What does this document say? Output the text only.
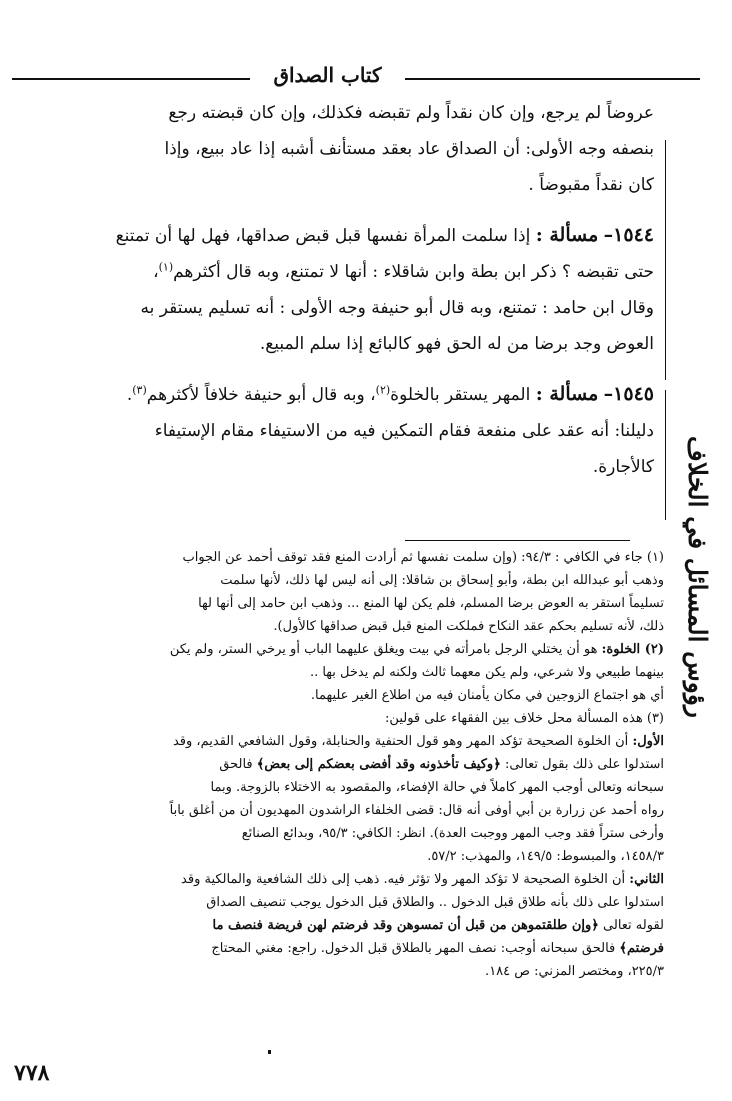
كتاب الصداق
رؤوس المسائل في الخلاف

عروضاً لم يرجع، وإن كان نقداً ولم تقبضه فكذلك، وإن كان قبضته رجع

بنصفه وجه الأولى: أن الصداق عاد بعقد مستأنف أشبه إذا عاد ببيع، وإذا

كان نقداً مقبوضاً .

١٥٤٤– مسألة : إذا سلمت المرأة نفسها قبل قبض صداقها، فهل لها أن تمتنع

حتى تقبضه ؟ ذكر ابن بطة وابن شاقلاء : أنها لا تمتنع، وبه قال أكثرهم$^{(١)}$،

وقال ابن حامد : تمتنع، وبه قال أبو حنيفة وجه الأولى : أنه تسليم يستقر به

العوض وجد برضا من له الحق فهو كالبائع إذا سلم المبيع.

١٥٤٥– مسألة : المهر يستقر بالخلوة$^{(٢)}$، وبه قال أبو حنيفة خلافاً لأكثرهم$^{(٣)}$.

دليلنا: أنه عقد على منفعة فقام التمكين فيه من الاستيفاء مقام الإستيفاء

كالأجارة.

(١) جاء في الكافي : ٩٤/٣: (وإن سلمت نفسها ثم أرادت المنع فقد توقف أحمد عن الجواب

وذهب أبو عبدالله ابن بطة، وأبو إسحاق بن شاقلا: إلى أنه ليس لها ذلك، لأنها سلمت

تسليماً استقر به العوض برضا المسلم، فلم يكن لها المنع ... وذهب ابن حامد إلى أنها لها

ذلك، لأنه تسليم بحكم عقد النكاح فملكت المنع قبل قبض صداقها كالأول).

(٢) الخلوة: هو أن يختلي الرجل بامرأته في بيت ويغلق عليهما الباب أو يرخي الستر، ولم يكن

بينهما طبيعي ولا شرعي، ولم يكن معهما ثالث ولكنه لم يدخل بها ..

أي هو اجتماع الزوجين في مكان يأمنان فيه من اطلاع الغير عليهما.

(٣) هذه المسألة محل خلاف بين الفقهاء على قولين:

الأول: أن الخلوة الصحيحة تؤكد المهر وهو قول الحنفية والحنابلة، وقول الشافعي القديم، وقد

استدلوا على ذلك بقول تعالى: ﴿وكيف تأخذونه وقد أفضى بعضكم إلى بعض﴾ فالحق

سبحانه وتعالى أوجب المهر كاملاً في حالة الإفضاء، والمقصود به الاختلاء بالزوجة. وبما

رواه أحمد عن زرارة بن أبي أوفى أنه قال: قضى الخلفاء الراشدون المهديون أن من أغلق باباً

وأرخى ستراً فقد وجب المهر ووجبت العدة). انظر: الكافي: ٩٥/٣، وبدائع الصنائع

١٤٥٨/٣، والمبسوط: ١٤٩/٥، والمهذب: ٥٧/٢.

الثاني: أن الخلوة الصحيحة لا تؤكد المهر ولا تؤثر فيه. ذهب إلى ذلك الشافعية والمالكية وقد

استدلوا على ذلك بأنه طلاق قبل الدخول .. والطلاق قبل الدخول يوجب تنصيف الصداق

لقوله تعالى ﴿وإن طلقتموهن من قبل أن تمسوهن وقد فرضتم لهن فريضة فنصف ما

فرضتم﴾ فالحق سبحانه أوجب: نصف المهر بالطلاق قبل الدخول. راجع: مغني المحتاج

٢٢٥/٣، ومختصر المزني: ص ١٨٤.

٧٧٨
